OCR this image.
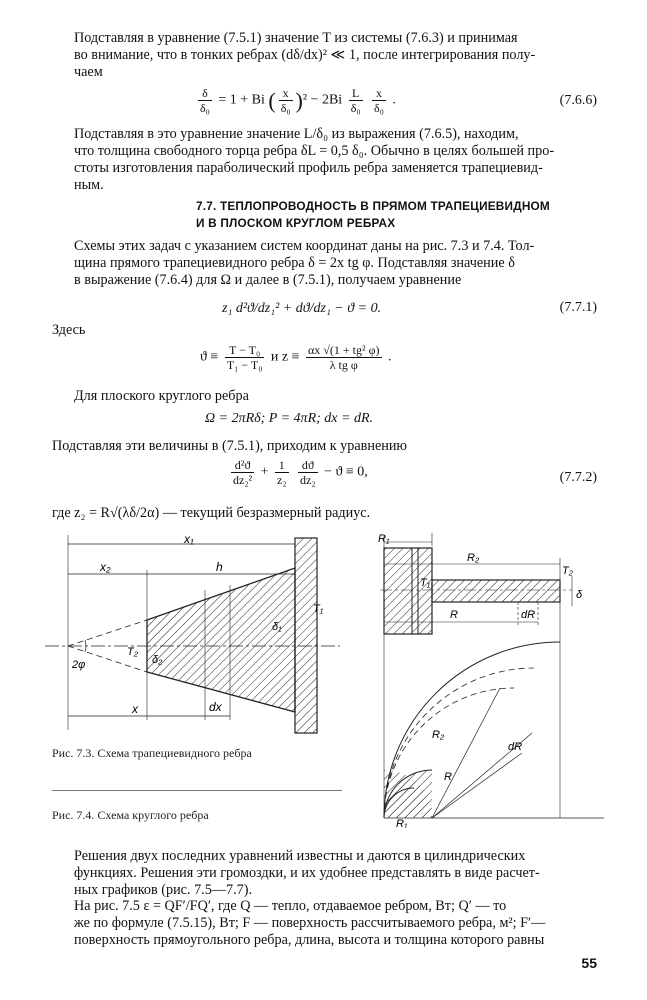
Подставляя в уравнение (7.5.1) значение T из системы (7.6.3) и принимая
во внимание, что в тонких ребрах (dδ/dx)² ≪ 1, после интегрирования полу-
чаем

$\frac{\delta}{\text{δ₀}} = 1 + Bi$ ( $\frac{x}{\text{δ₀}} )^2 - 2Bi \frac{L}{\text{δ₀}}$
$\frac{x}{\text{δ₀}}$ .	(7.6.6)

Подставляя в это уравнение значение L/δ₀ из выражения (7.6.5), находим,
что толщина свободного торца ребра δL = 0,5 δ₀. Обычно в целях большей про-
стоты изготовления параболический профиль ребра заменяется трапециевид-
ным.

7.7. ТЕПЛОПРОВОДНОСТЬ В ПРЯМОМ ТРАПЕЦИЕВИДНОМ
И В ПЛОСКОМ КРУГЛОМ РЕБРАХ

Схемы этих задач с указанием систем координат даны на рис. 7.3 и 7.4. Тол-
щина прямого трапециевидного ребра δ = 2x tg φ. Подставляя значение δ
в выражение (7.6.4) для Ω и далее в (7.5.1), получаем уравнение

z₁ d²ϑ/dz₁² + dϑ/dz₁ − ϑ = 0.	(7.7.1)

Здесь

$ϑ \equiv \frac{\text{T − T₀}}{\text{T₁ − T₀}}$ и $z \equiv \frac{\text{αx √(1 + tg² φ)}}{\text{λ tg φ}}$ .

Для плоского круглого ребра

Ω = 2πRδ; P = 4πR; dx = dR.

Подставляя эти величины в (7.5.1), приходим к уравнению

$\frac{\text{d²ϑ}}{\text{dz₂²}} + \frac{1}{\text{z₂}}$
$\frac{dϑ}{\text{dz₂}} - ϑ \equiv 0$,	(7.7.2)

где z₂ = R√(λδ/2α) — текущий безразмерный радиус.

x₁
x₂	h
x	dx
T₂
T₁
δ₂
δ₁
2φ
Рис. 7.3. Схема трапециевидного ребра
R₁
R₂
T₁
T₂
R	dR
δ
R₂
dR
R
R₁
Рис. 7.4. Схема круглого ребра

Решения двух последних уравнений известны и даются в цилиндрических
функциях. Решения эти громоздки, и их удобнее представлять в виде расчет-
ных графиков (рис. 7.5—7.7).

На рис. 7.5 ε = QF′/FQ′, где Q — тепло, отдаваемое ребром, Вт; Q′ — то
же по формуле (7.5.15), Вт; F — поверхность рассчитываемого ребра, м²; F′—
поверхность прямоугольного ребра, длина, высота и толщина которого равны

55
